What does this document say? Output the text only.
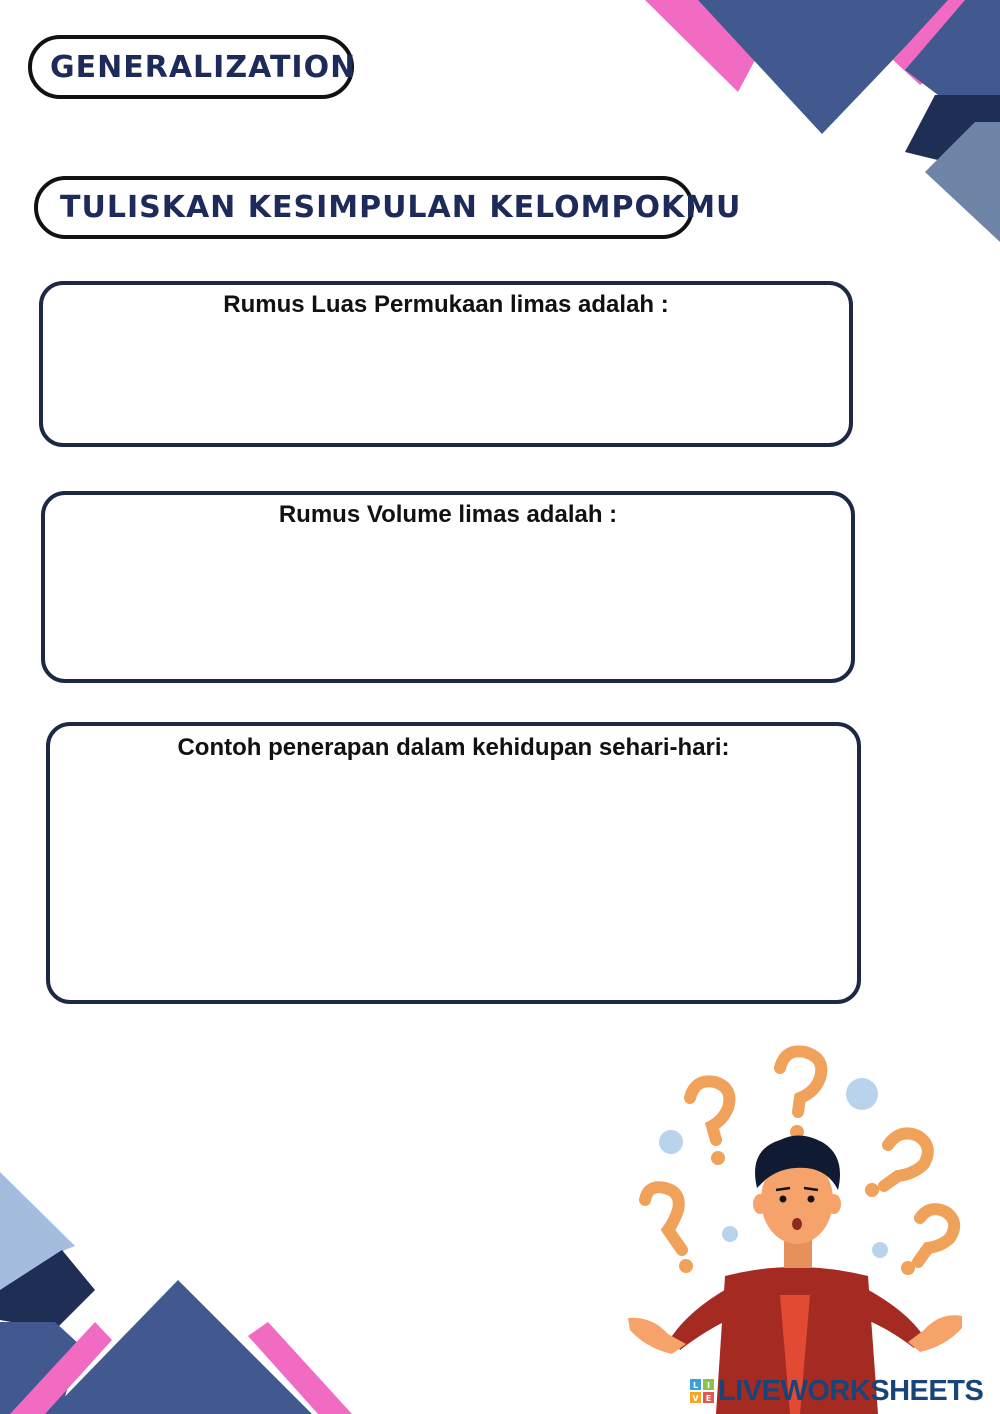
GENERALIZATION
TULISKAN KESIMPULAN KELOMPOKMU
Rumus Luas Permukaan limas adalah :
Rumus Volume limas adalah :
Contoh penerapan dalam kehidupan sehari-hari:
L I
V E LIVEWORKSHEETS
